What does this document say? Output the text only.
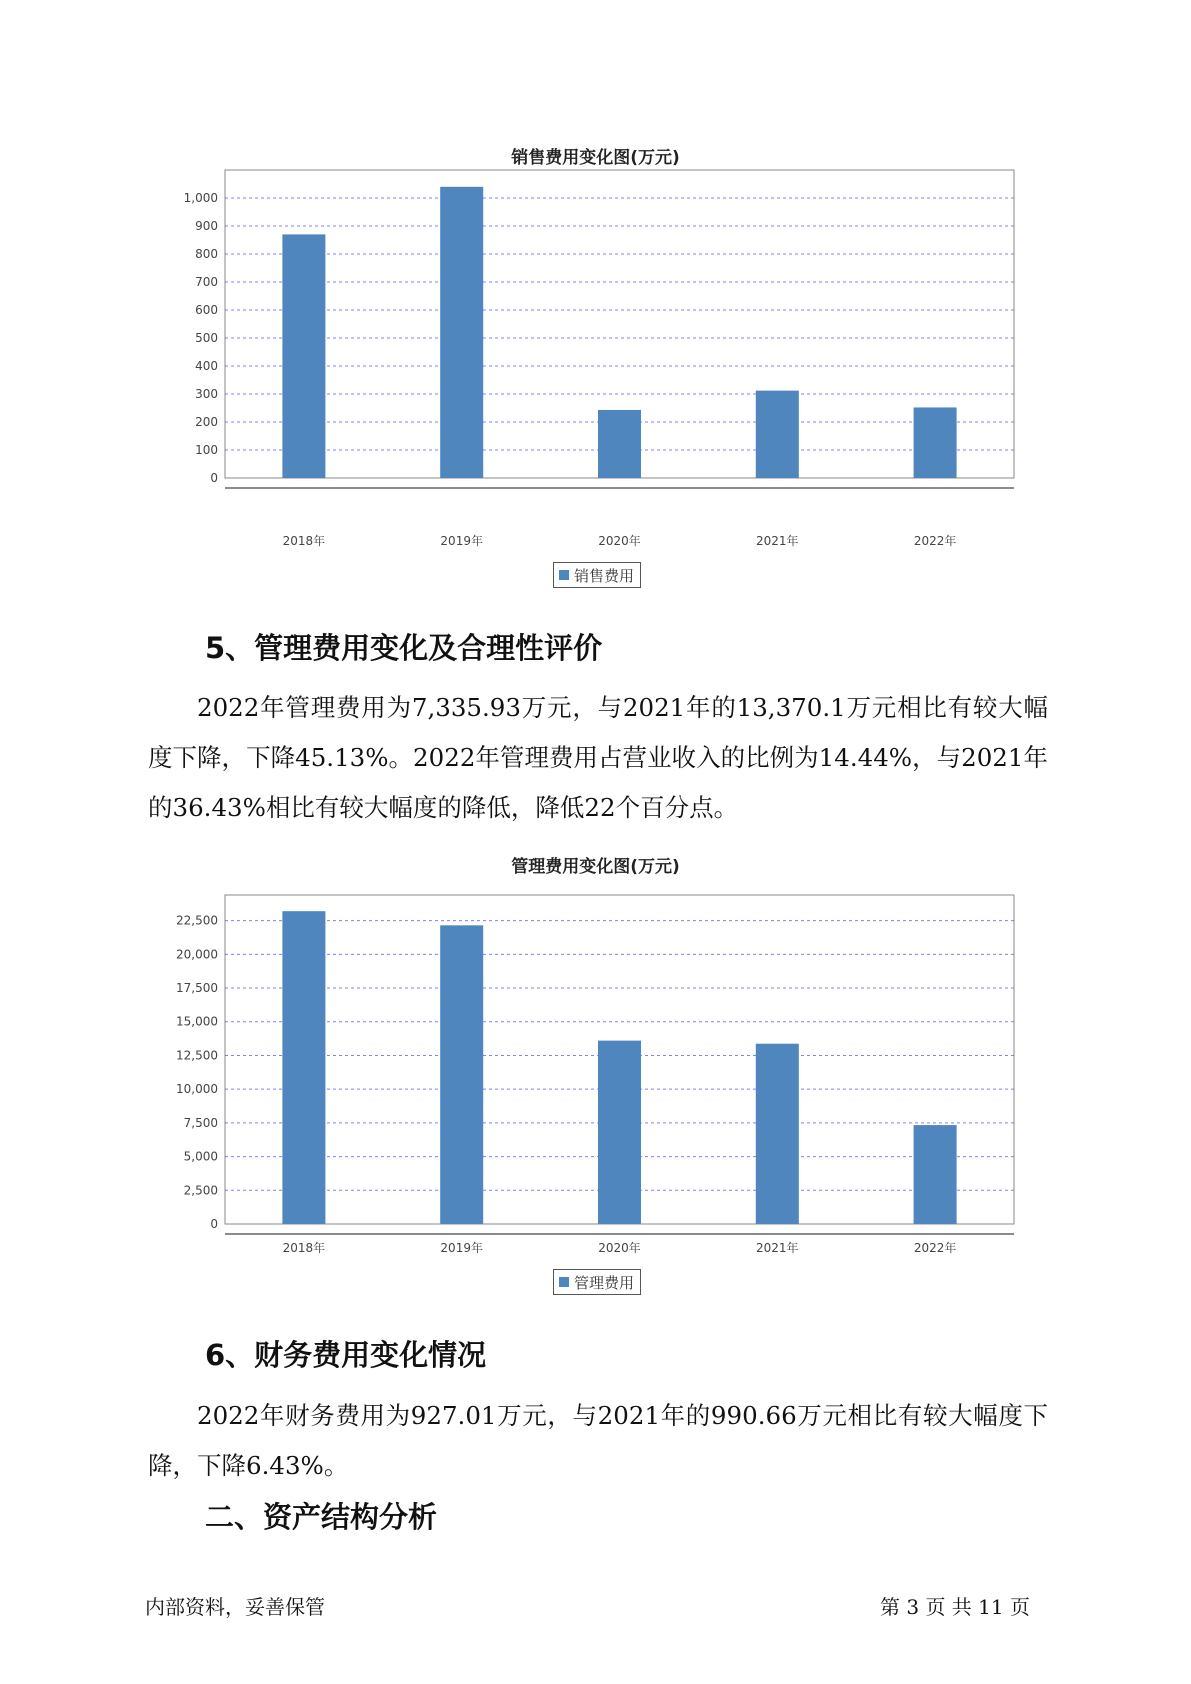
销售费用变化图(万元)
0
100
200
300
400
500
600
700
800
900
1,000
2018年	2019年	2020年	2021年	2022年
销售费用
5、管理费用变化及合理性评价
2022年管理费用为7,335.93万元，与2021年的13,370.1万元相比有较大幅度下降，下降45.13%。2022年管理费用占营业收入的比例为14.44%，与2021年的36.43%相比有较大幅度的降低，降低22个百分点。
管理费用变化图(万元)
0
2,500
5,000
7,500
10,000
12,500
15,000
17,500
20,000
22,500
2018年	2019年	2020年	2021年	2022年
管理费用
6、财务费用变化情况
2022年财务费用为927.01万元，与2021年的990.66万元相比有较大幅度下降，下降6.43%。
二、资产结构分析
内部资料，妥善保管	第 3 页 共 11 页
